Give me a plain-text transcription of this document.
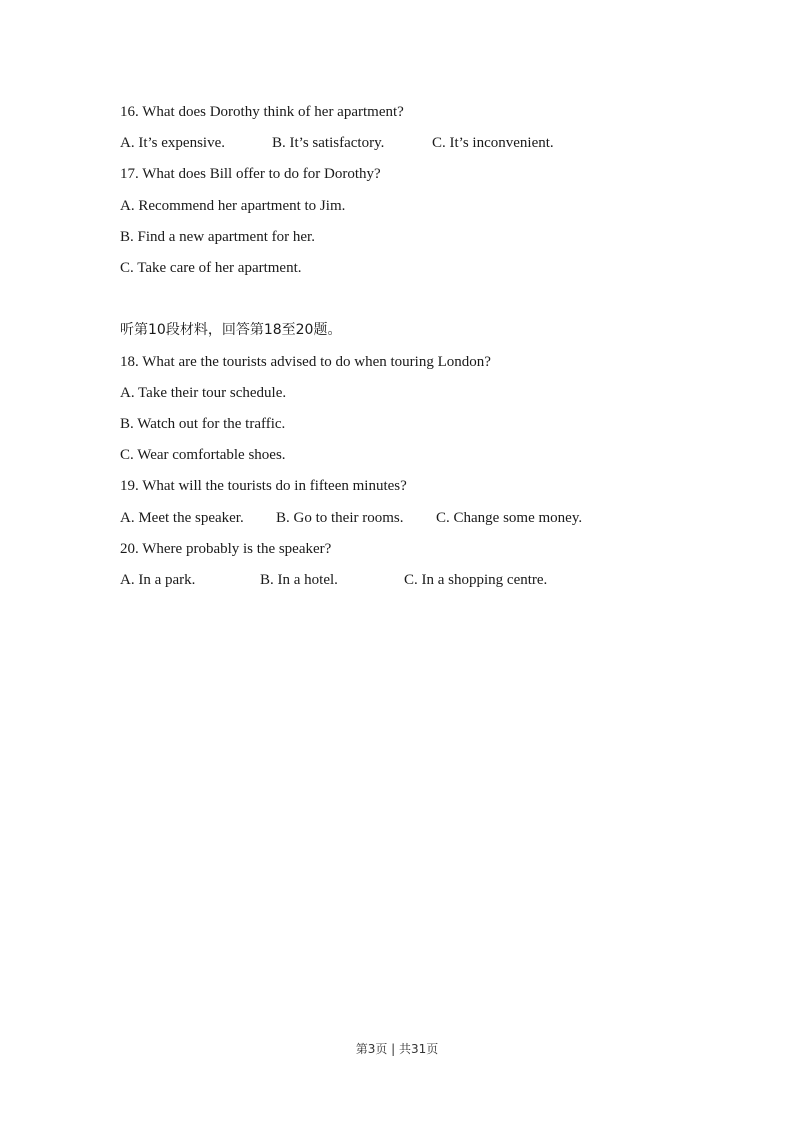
16. What does Dorothy think of her apartment?
A. It’s expensive.	B. It’s satisfactory.	C. It’s inconvenient.
17. What does Bill offer to do for Dorothy?
A. Recommend her apartment to Jim.
B. Find a new apartment for her.
C. Take care of her apartment.
听第10段材料，回答第18至20题。
18. What are the tourists advised to do when touring London?
A. Take their tour schedule.
B. Watch out for the traffic.
C. Wear comfortable shoes.
19. What will the tourists do in fifteen minutes?
A. Meet the speaker. B. Go to their rooms. C. Change some money.
20. Where probably is the speaker?
A. In a park.	B. In a hotel.	C. In a shopping centre.
第3页 | 共31页
